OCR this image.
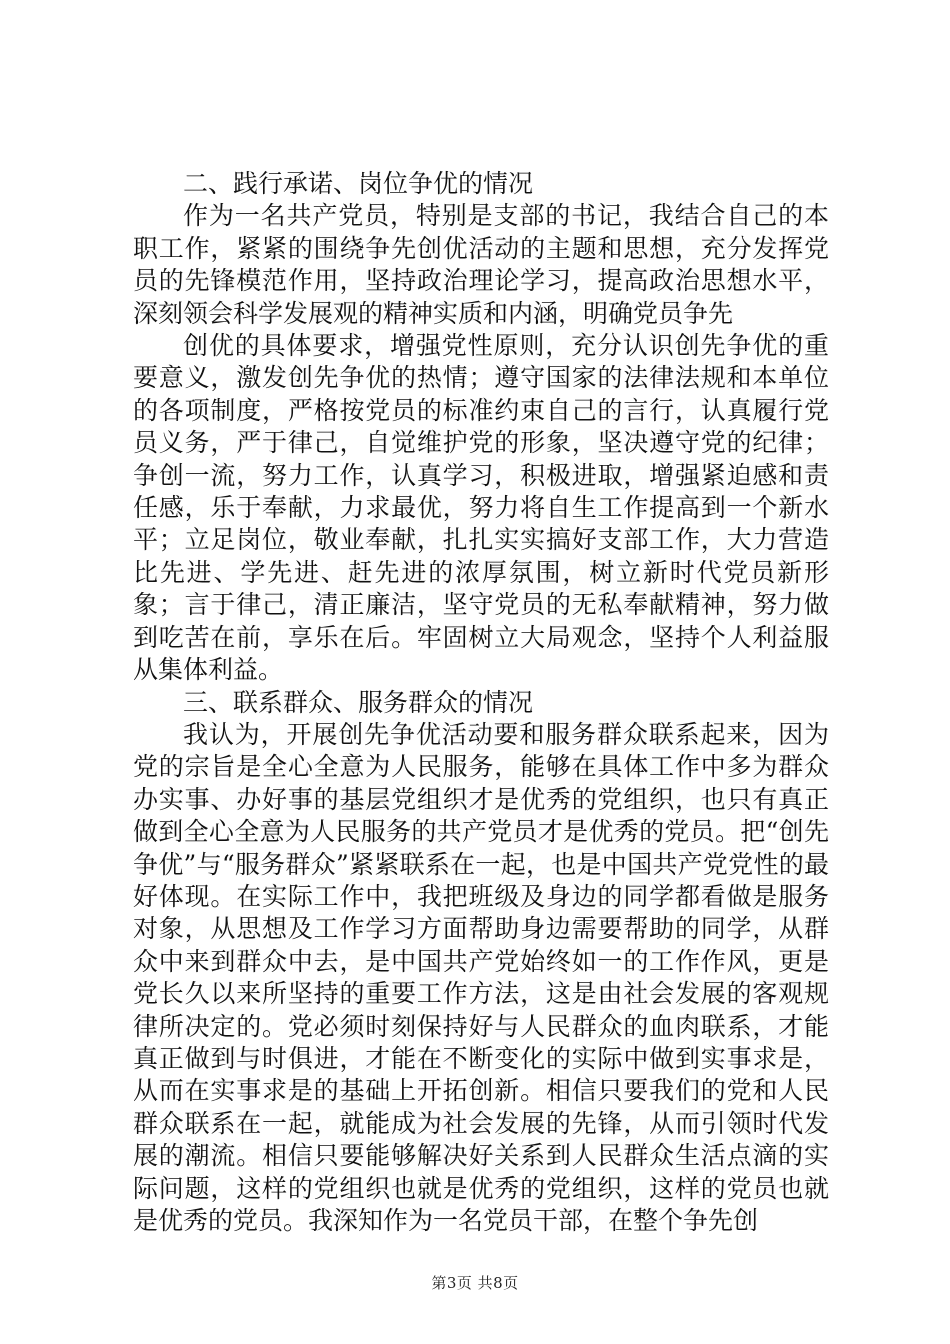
二、践行承诺、岗位争优的情况

作为一名共产党员，特别是支部的书记，我结合自己的本职工作，紧紧的围绕争先创优活动的主题和思想，充分发挥党员的先锋模范作用，坚持政治理论学习，提高政治思想水平，深刻领会科学发展观的精神实质和内涵，明确党员争先

创优的具体要求，增强党性原则，充分认识创先争优的重要意义，激发创先争优的热情；遵守国家的法律法规和本单位的各项制度，严格按党员的标准约束自己的言行，认真履行党员义务，严于律己，自觉维护党的形象，坚决遵守党的纪律；争创一流，努力工作，认真学习，积极进取，增强紧迫感和责任感，乐于奉献，力求最优，努力将自生工作提高到一个新水平；立足岗位，敬业奉献，扎扎实实搞好支部工作，大力营造比先进、学先进、赶先进的浓厚氛围，树立新时代党员新形象；言于律己，清正廉洁，坚守党员的无私奉献精神，努力做到吃苦在前，享乐在后。牢固树立大局观念，坚持个人利益服从集体利益。

三、联系群众、服务群众的情况

我认为，开展创先争优活动要和服务群众联系起来，因为党的宗旨是全心全意为人民服务，能够在具体工作中多为群众办实事、办好事的基层党组织才是优秀的党组织，也只有真正做到全心全意为人民服务的共产党员才是优秀的党员。把“创先争优”与“服务群众”紧紧联系在一起，也是中国共产党党性的最好体现。在实际工作中，我把班级及身边的同学都看做是服务对象，从思想及工作学习方面帮助身边需要帮助的同学，从群众中来到群众中去，是中国共产党始终如一的工作作风，更是党长久以来所坚持的重要工作方法，这是由社会发展的客观规律所决定的。党必须时刻保持好与人民群众的血肉联系，才能真正做到与时俱进，才能在不断变化的实际中做到实事求是，从而在实事求是的基础上开拓创新。相信只要我们的党和人民群众联系在一起，就能成为社会发展的先锋，从而引领时代发展的潮流。相信只要能够解决好关系到人民群众生活点滴的实际问题，这样的党组织也就是优秀的党组织，这样的党员也就是优秀的党员。我深知作为一名党员干部，在整个争先创

第3页 共8页
